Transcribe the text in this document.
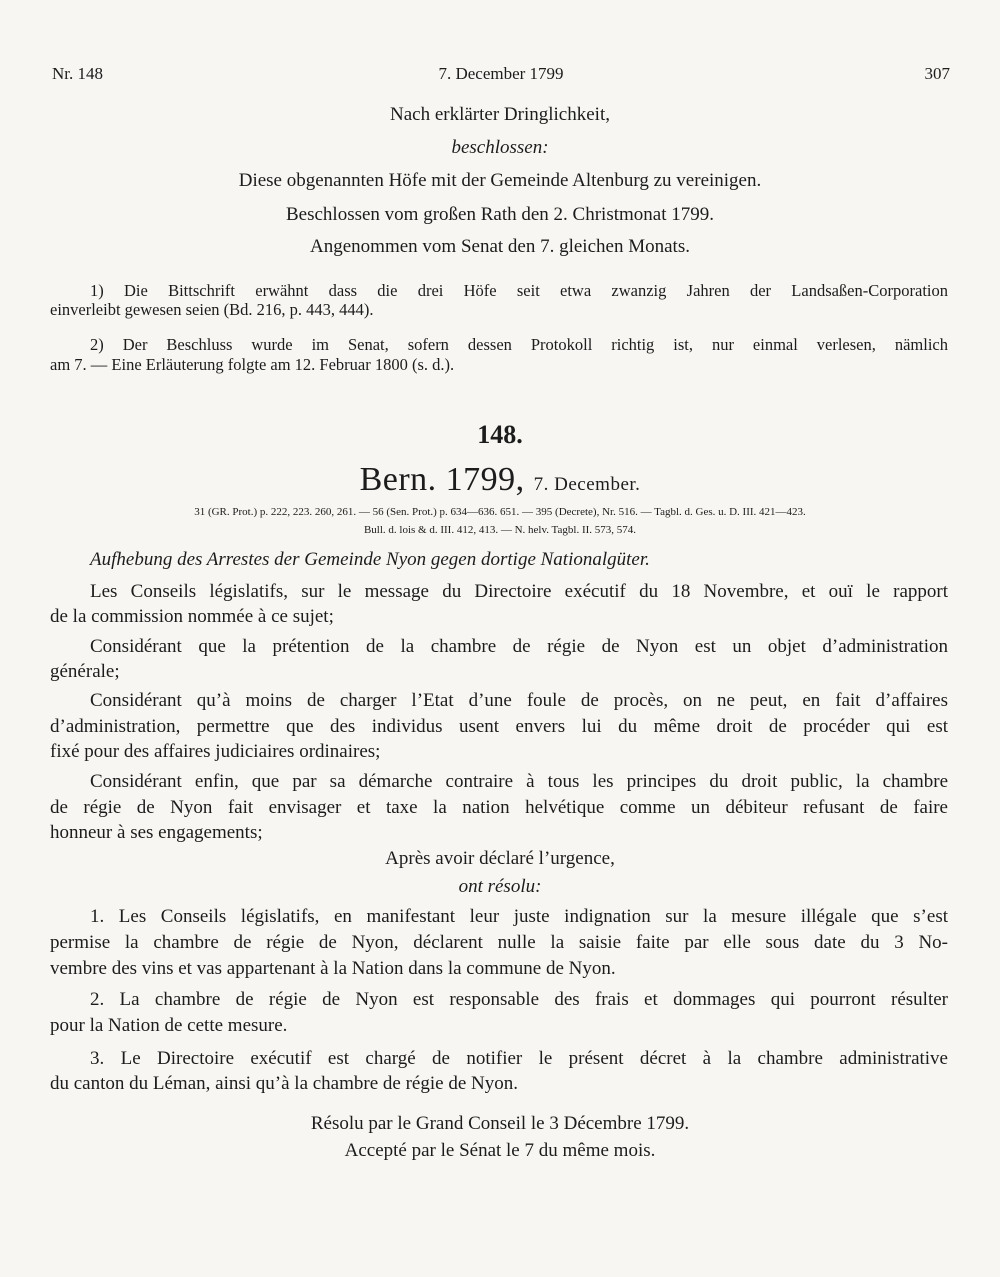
Nr. 148	7. December 1799	307
Nach erklärter Dringlichkeit,
beschlossen:
Diese obgenannten Höfe mit der Gemeinde Altenburg zu vereinigen.
Beschlossen vom großen Rath den 2. Christmonat 1799.
Angenommen vom Senat den 7. gleichen Monats.
1) Die Bittschrift erwähnt dass die drei Höfe seit etwa zwanzig Jahren der Landsaßen-Corporation
einverleibt gewesen seien (Bd. 216, p. 443, 444).
2) Der Beschluss wurde im Senat, sofern dessen Protokoll richtig ist, nur einmal verlesen, nämlich
am 7. — Eine Erläuterung folgte am 12. Februar 1800 (s. d.).
148.
Bern. 1799, 7. December.
31 (GR. Prot.) p. 222, 223. 260, 261. — 56 (Sen. Prot.) p. 634—636. 651. — 395 (Decrete), Nr. 516. — Tagbl. d. Ges. u. D. III. 421—423.
Bull. d. lois & d. III. 412, 413. — N. helv. Tagbl. II. 573, 574.
Aufhebung des Arrestes der Gemeinde Nyon gegen dortige Nationalgüter.
Les Conseils législatifs, sur le message du Directoire exécutif du 18 Novembre, et ouï le rapport
de la commission nommée à ce sujet;
Considérant que la prétention de la chambre de régie de Nyon est un objet d’administration
générale;
Considérant qu’à moins de charger l’Etat d’une foule de procès, on ne peut, en fait d’affaires
d’administration, permettre que des individus usent envers lui du même droit de procéder qui est
fixé pour des affaires judiciaires ordinaires;
Considérant enfin, que par sa démarche contraire à tous les principes du droit public, la chambre
de régie de Nyon fait envisager et taxe la nation helvétique comme un débiteur refusant de faire
honneur à ses engagements;
Après avoir déclaré l’urgence,
ont résolu:
1. Les Conseils législatifs, en manifestant leur juste indignation sur la mesure illégale que s’est
permise la chambre de régie de Nyon, déclarent nulle la saisie faite par elle sous date du 3 No-
vembre des vins et vas appartenant à la Nation dans la commune de Nyon.
2. La chambre de régie de Nyon est responsable des frais et dommages qui pourront résulter
pour la Nation de cette mesure.
3. Le Directoire exécutif est chargé de notifier le présent décret à la chambre administrative
du canton du Léman, ainsi qu’à la chambre de régie de Nyon.
Résolu par le Grand Conseil le 3 Décembre 1799.
Accepté par le Sénat le 7 du même mois.
